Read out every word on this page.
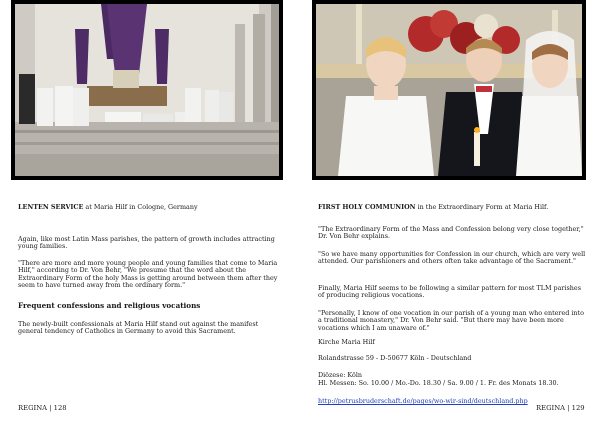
LENTEN SERVICE at Maria Hilf in Cologne, Germany

Again, like most Latin Mass parishes, the pattern of growth includes attracting young families.

"There are more and more young people and young families that come to Maria Hilf," according to Dr. Von Behr, "We presume that the word about the Extraordinary Form of the holy Mass is getting around between them after they seem to have turned away from the ordinary form."

Frequent confessions and religious vocations

The newly-built confessionals at Maria Hilf stand out against the manifest general tendency of Catholics in Germany to avoid this Sacrament.

REGINA | 128
FIRST HOLY COMMUNION in the Extraordinary Form at Maria Hilf.

"The Extraordinary Form of the Mass and Confession belong very close together," Dr. Von Behr explains.

"So we have many opportunities for Confession in our church, which are very well attended. Our parishioners and others often take advantage of the Sacrament."

Finally, Maria Hilf seems to be following a similar pattern for most TLM parishes of producing religious vocations.

"Personally, I know of one vocation in our parish of a young man who entered into a traditional monastery," Dr. Von Behr said. "But there may have been more vocations which I am unaware of."

Kirche Maria Hilf

Rolandstrasse 59 - D-50677 Köln - Deutschland

Diözese: Köln

Hl. Messen: So. 10.00 / Mo.-Do. 18.30 / Sa. 9.00 / 1. Fr. des Monats 18.30.

http://petrusbruderschaft.de/pages/wo-wir-sind/deutschland.php

REGINA | 129
